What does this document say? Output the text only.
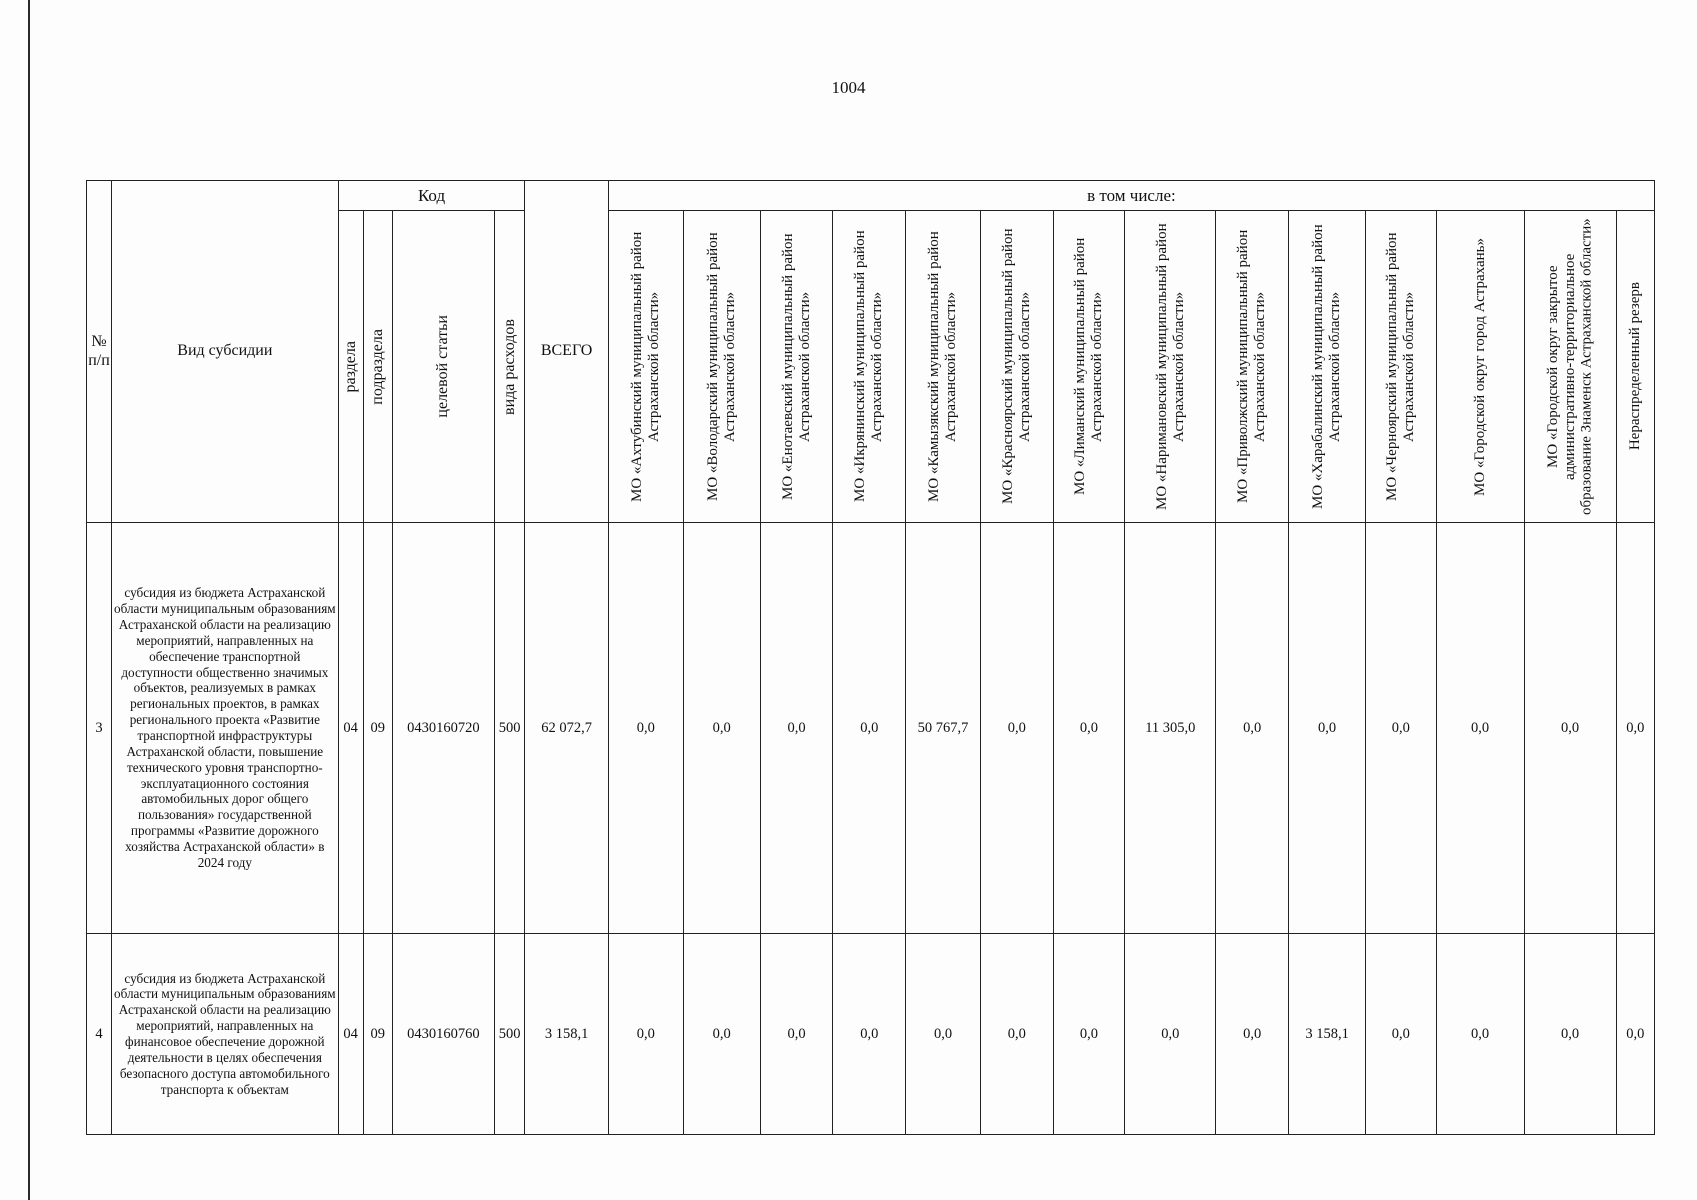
1004
№ п/п	Вид субсидии	Код				ВСЕГО	в том числе:													

		раздела	подраздела	целевой статьи	вида расходов		МО «Ахтубинский муниципальный район Астраханской области»	МО «Володарский муниципальный район Астраханской области»	МО «Енотаевский муниципальный район Астраханской области»	МО «Икрянинский муниципальный район Астраханской области»	МО «Камызякский муниципальный район Астраханской области»	МО «Красноярский муниципальный район Астраханской области»	МО «Лиманский муниципальный район Астраханской области»	МО «Наримановский муниципальный район Астраханской области»	МО «Приволжский муниципальный район Астраханской области»	МО «Харабалинский муниципальный район Астраханской области»	МО «Черноярский муниципальный район Астраханской области»	МО «Городской округ город Астрахань»	МО «Городской округ закрытое административно-территориальное образование Знаменск Астраханской области»	Нераспределенный резерв

3	субсидия из бюджета Астраханской области муниципальным образованиям Астраханской области на реализацию мероприятий, направленных на обеспечение транспортной доступности общественно значимых объектов, реализуемых в рамках региональных проектов, в рамках регионального проекта «Развитие транспортной инфраструктуры Астраханской области, повышение технического уровня транспортно-эксплуатационного состояния автомобильных дорог общего пользования» государственной программы «Развитие дорожного хозяйства Астраханской области» в 2024 году	04	09	0430160720	500	62 072,7	0,0	0,0	0,0	0,0	50 767,7	0,0	0,0	11 305,0	0,0	0,0	0,0	0,0	0,0	0,0
4	субсидия из бюджета Астраханской области муниципальным образованиям Астраханской области на реализацию мероприятий, направленных на финансовое обеспечение дорожной деятельности в целях обеспечения безопасного доступа автомобильного транспорта к объектам	04	09	0430160760	500	3 158,1	0,0	0,0	0,0	0,0	0,0	0,0	0,0	0,0	0,0	3 158,1	0,0	0,0	0,0	0,0
